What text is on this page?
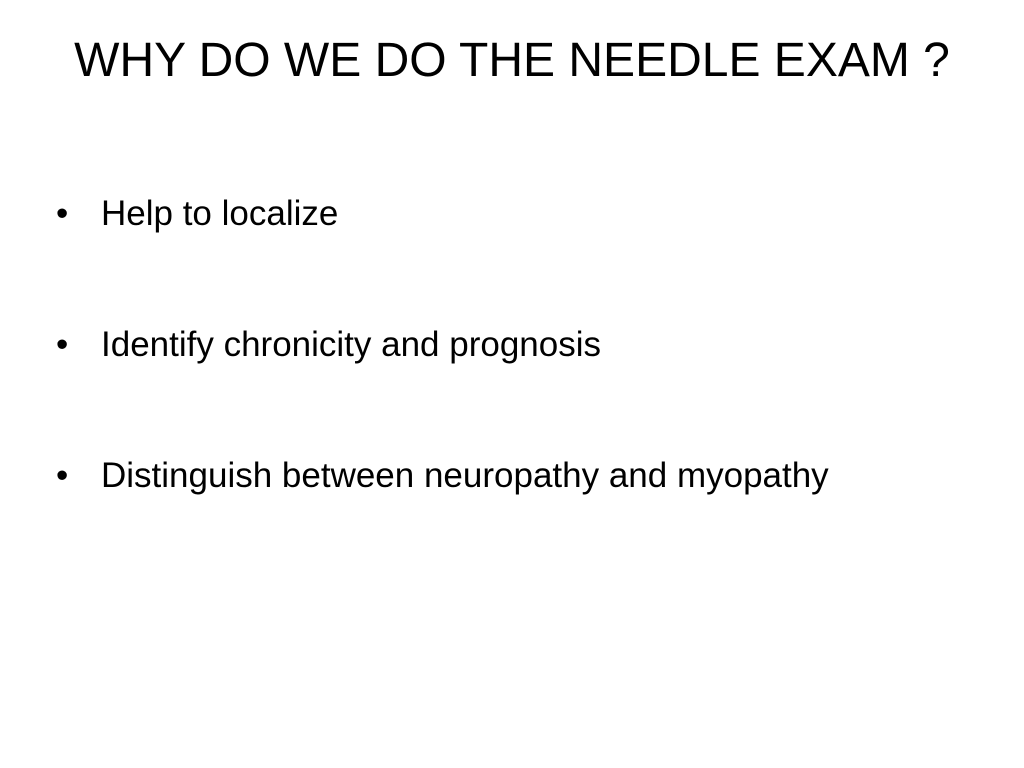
WHY DO WE DO THE NEEDLE EXAM ?
• Help to localize
• Identify chronicity and prognosis
• Distinguish between neuropathy and myopathy
